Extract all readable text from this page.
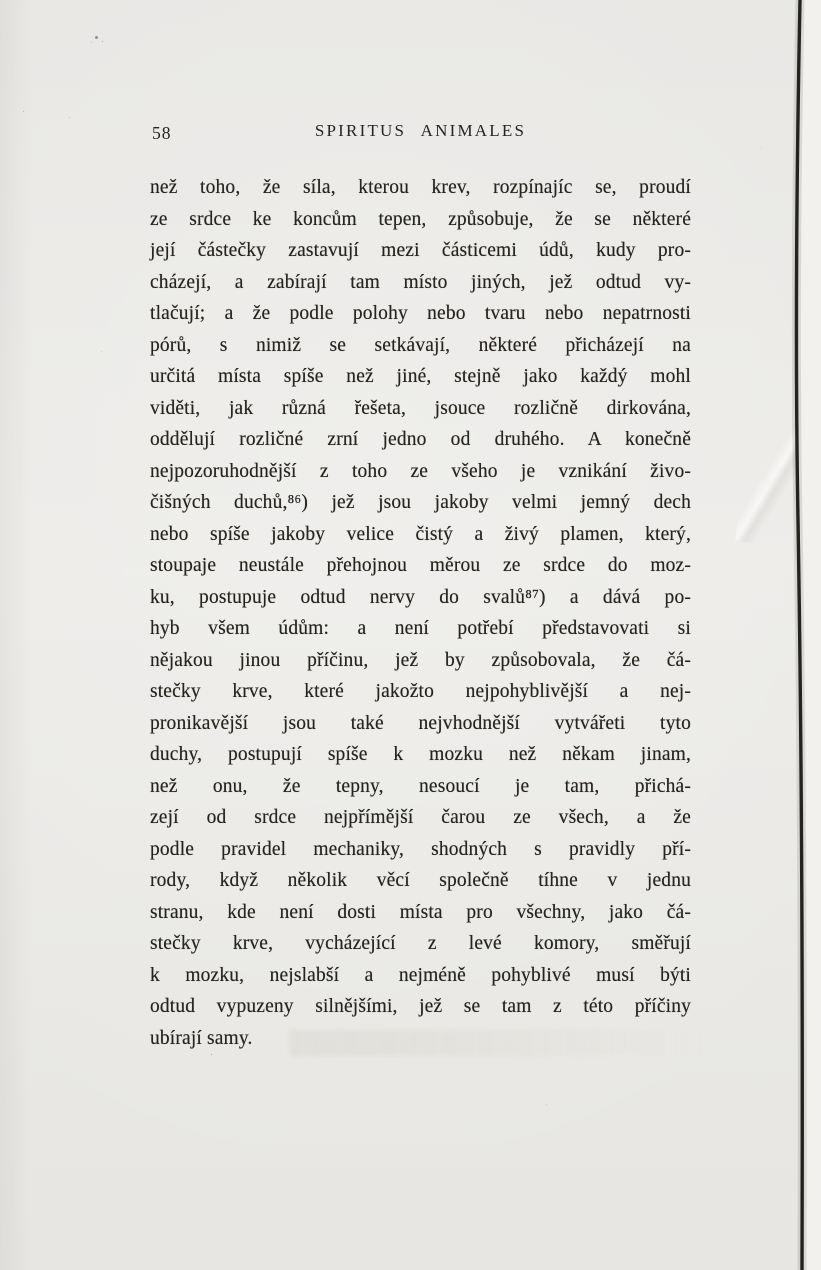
58	SPIRITUS ANIMALES
než toho, že síla, kterou krev, rozpínajíc se, proudí
ze srdce ke koncům tepen, způsobuje, že se některé
její částečky zastavují mezi částicemi údů, kudy pro-
cházejí, a zabírají tam místo jiných, jež odtud vy-
tlačují; a že podle polohy nebo tvaru nebo nepatrnosti
pórů, s nimiž se setkávají, některé přicházejí na
určitá místa spíše než jiné, stejně jako každý mohl
viděti, jak různá řešeta, jsouce rozličně dirkována,
oddělují rozličné zrní jedno od druhého. A konečně
nejpozoruhodnější z toho ze všeho je vznikání živo-
čišných duchů,⁸⁶) jež jsou jakoby velmi jemný dech
nebo spíše jakoby velice čistý a živý plamen, který,
stoupaje neustále přehojnou měrou ze srdce do moz-
ku, postupuje odtud nervy do svalů⁸⁷) a dává po-
hyb všem údům: a není potřebí představovati si
nějakou jinou příčinu, jež by způsobovala, že čá-
stečky krve, které jakožto nejpohyblivější a nej-
pronikavější jsou také nejvhodnější vytvářeti tyto
duchy, postupují spíše k mozku než někam jinam,
než onu, že tepny, nesoucí je tam, přichá-
zejí od srdce nejpřímější čarou ze všech, a že
podle pravidel mechaniky, shodných s pravidly pří-
rody, když několik věcí společně tíhne v jednu
stranu, kde není dosti místa pro všechny, jako čá-
stečky krve, vycházející z levé komory, směřují
k mozku, nejslabší a nejméně pohyblivé musí býti
odtud vypuzeny silnějšími, jež se tam z této příčiny
ubírají samy.
